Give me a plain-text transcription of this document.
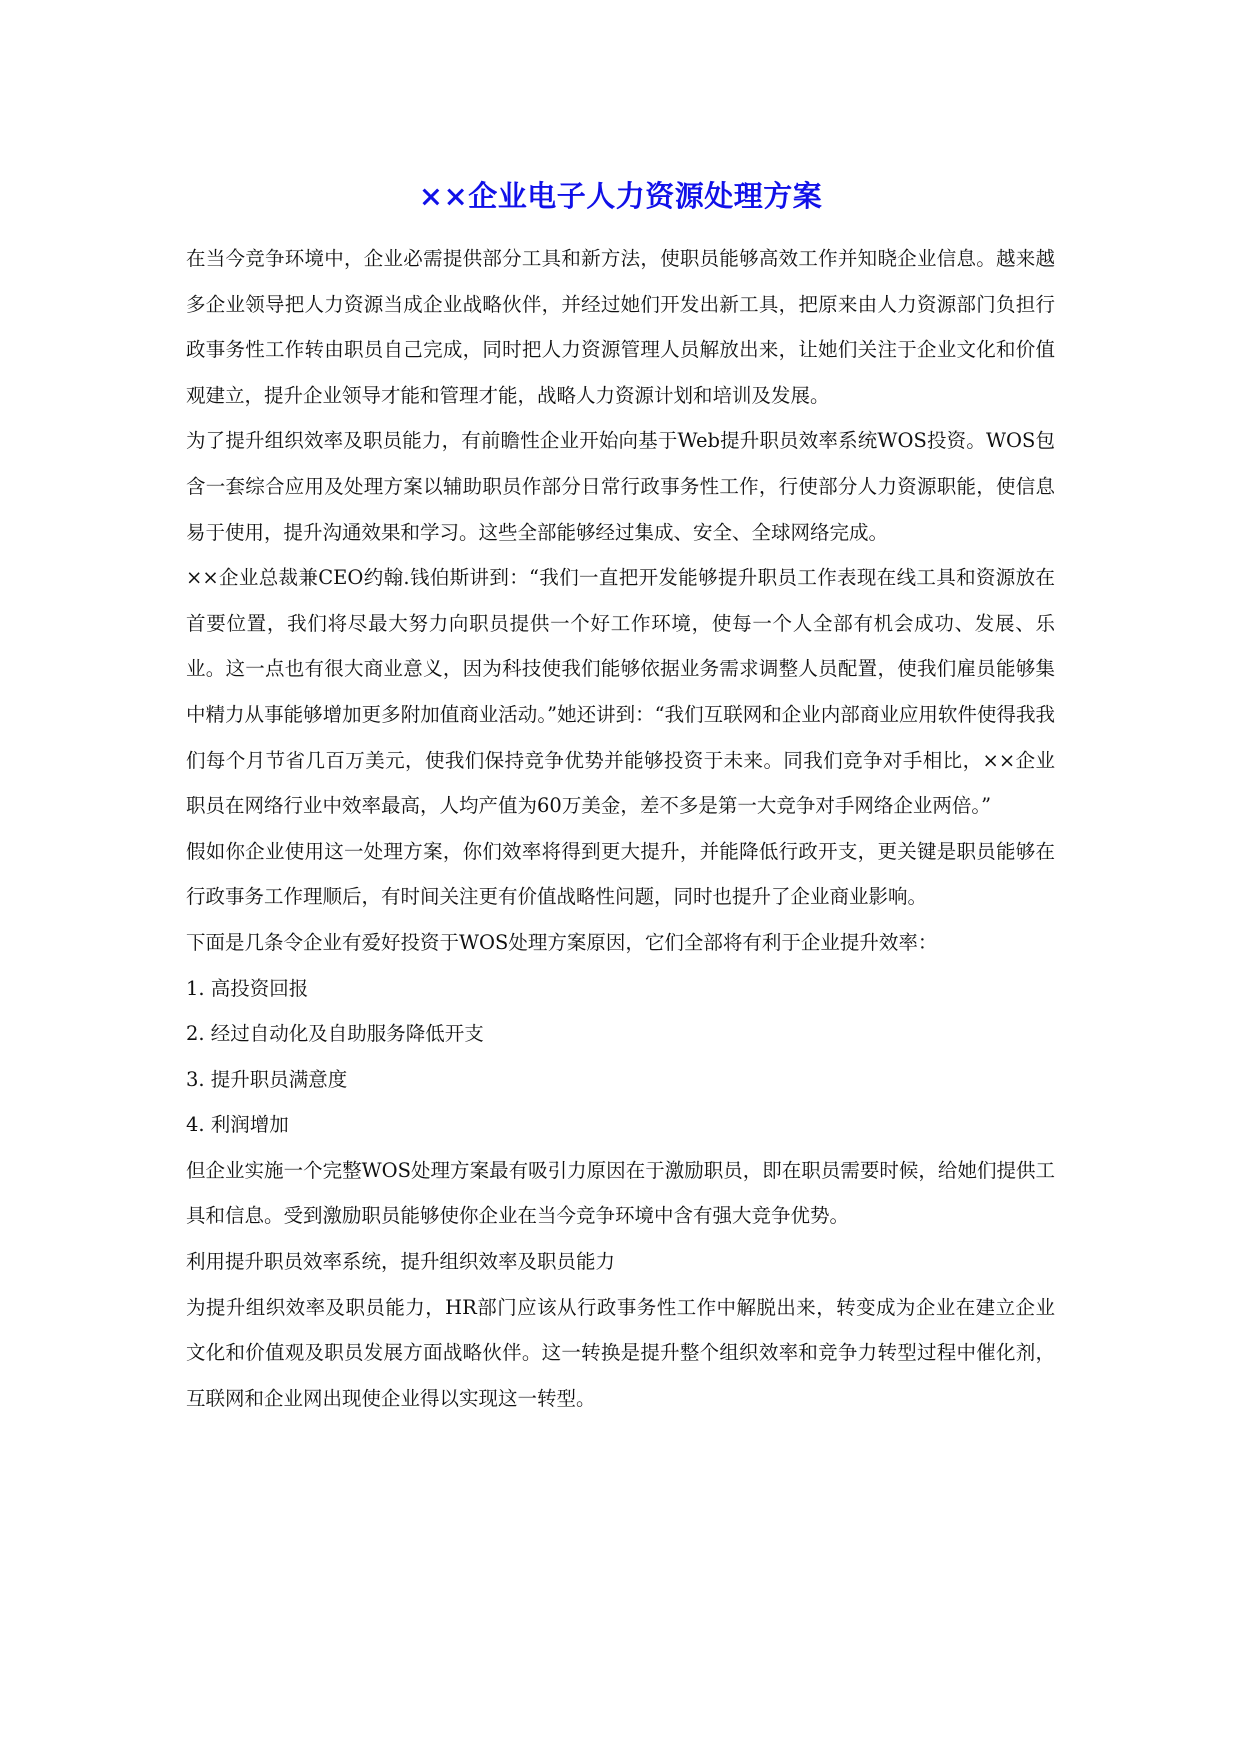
××企业电子人力资源处理方案

在当今竞争环境中，企业必需提供部分工具和新方法，使职员能够高效工作并知晓企业信息。越来越多企业领导把人力资源当成企业战略伙伴，并经过她们开发出新工具，把原来由人力资源部门负担行政事务性工作转由职员自己完成，同时把人力资源管理人员解放出来，让她们关注于企业文化和价值观建立，提升企业领导才能和管理才能，战略人力资源计划和培训及发展。

为了提升组织效率及职员能力，有前瞻性企业开始向基于Web提升职员效率系统WOS投资。WOS包含一套综合应用及处理方案以辅助职员作部分日常行政事务性工作，行使部分人力资源职能，使信息易于使用，提升沟通效果和学习。这些全部能够经过集成、安全、全球网络完成。

××企业总裁兼CEO约翰.钱伯斯讲到：“我们一直把开发能够提升职员工作表现在线工具和资源放在首要位置，我们将尽最大努力向职员提供一个好工作环境，使每一个人全部有机会成功、发展、乐业。这一点也有很大商业意义，因为科技使我们能够依据业务需求调整人员配置，使我们雇员能够集中精力从事能够增加更多附加值商业活动。”她还讲到：“我们互联网和企业内部商业应用软件使得我我们每个月节省几百万美元，使我们保持竞争优势并能够投资于未来。同我们竞争对手相比，××企业职员在网络行业中效率最高，人均产值为60万美金，差不多是第一大竞争对手网络企业两倍。”

假如你企业使用这一处理方案，你们效率将得到更大提升，并能降低行政开支，更关键是职员能够在行政事务工作理顺后，有时间关注更有价值战略性问题，同时也提升了企业商业影响。

下面是几条令企业有爱好投资于WOS处理方案原因，它们全部将有利于企业提升效率：

1. 高投资回报

2. 经过自动化及自助服务降低开支

3. 提升职员满意度

4. 利润增加

但企业实施一个完整WOS处理方案最有吸引力原因在于激励职员，即在职员需要时候，给她们提供工具和信息。受到激励职员能够使你企业在当今竞争环境中含有强大竞争优势。

利用提升职员效率系统，提升组织效率及职员能力

为提升组织效率及职员能力，HR部门应该从行政事务性工作中解脱出来，转变成为企业在建立企业文化和价值观及职员发展方面战略伙伴。这一转换是提升整个组织效率和竞争力转型过程中催化剂，互联网和企业网出现使企业得以实现这一转型。
